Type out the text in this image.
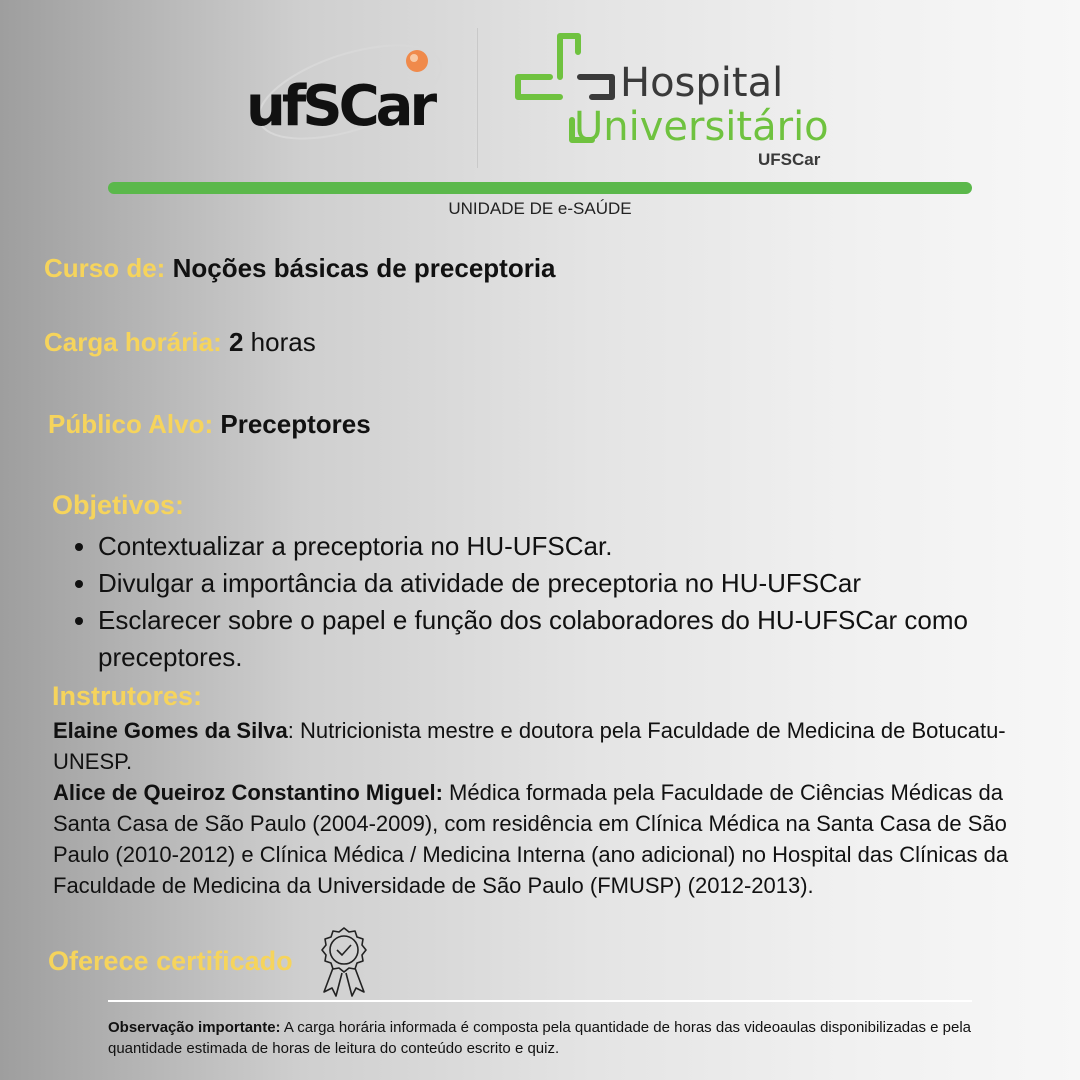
ufSCar	Hospital
Universitário
UFSCar
UNIDADE DE e-SAÚDE
Curso de: Noções básicas de preceptoria
Carga horária: 2 horas
Público Alvo: Preceptores
Objetivos:
• Contextualizar a preceptoria no HU-UFSCar.
• Divulgar a importância da atividade de preceptoria no HU-UFSCar
• Esclarecer sobre o papel e função dos colaboradores do HU-UFSCar como preceptores.
Instrutores:

Elaine Gomes da Silva: Nutricionista mestre e doutora pela Faculdade de Medicina de Botucatu- UNESP.

Alice de Queiroz Constantino Miguel: Médica formada pela Faculdade de Ciências Médicas da Santa Casa de São Paulo (2004-2009), com residência em Clínica Médica na Santa Casa de São Paulo (2010-2012) e Clínica Médica / Medicina Interna (ano adicional) no Hospital das Clínicas da Faculdade de Medicina da Universidade de São Paulo (FMUSP) (2012-2013).

Oferece certificado
Observação importante: A carga horária informada é composta pela quantidade de horas das videoaulas disponibilizadas e pela quantidade estimada de horas de leitura do conteúdo escrito e quiz.
